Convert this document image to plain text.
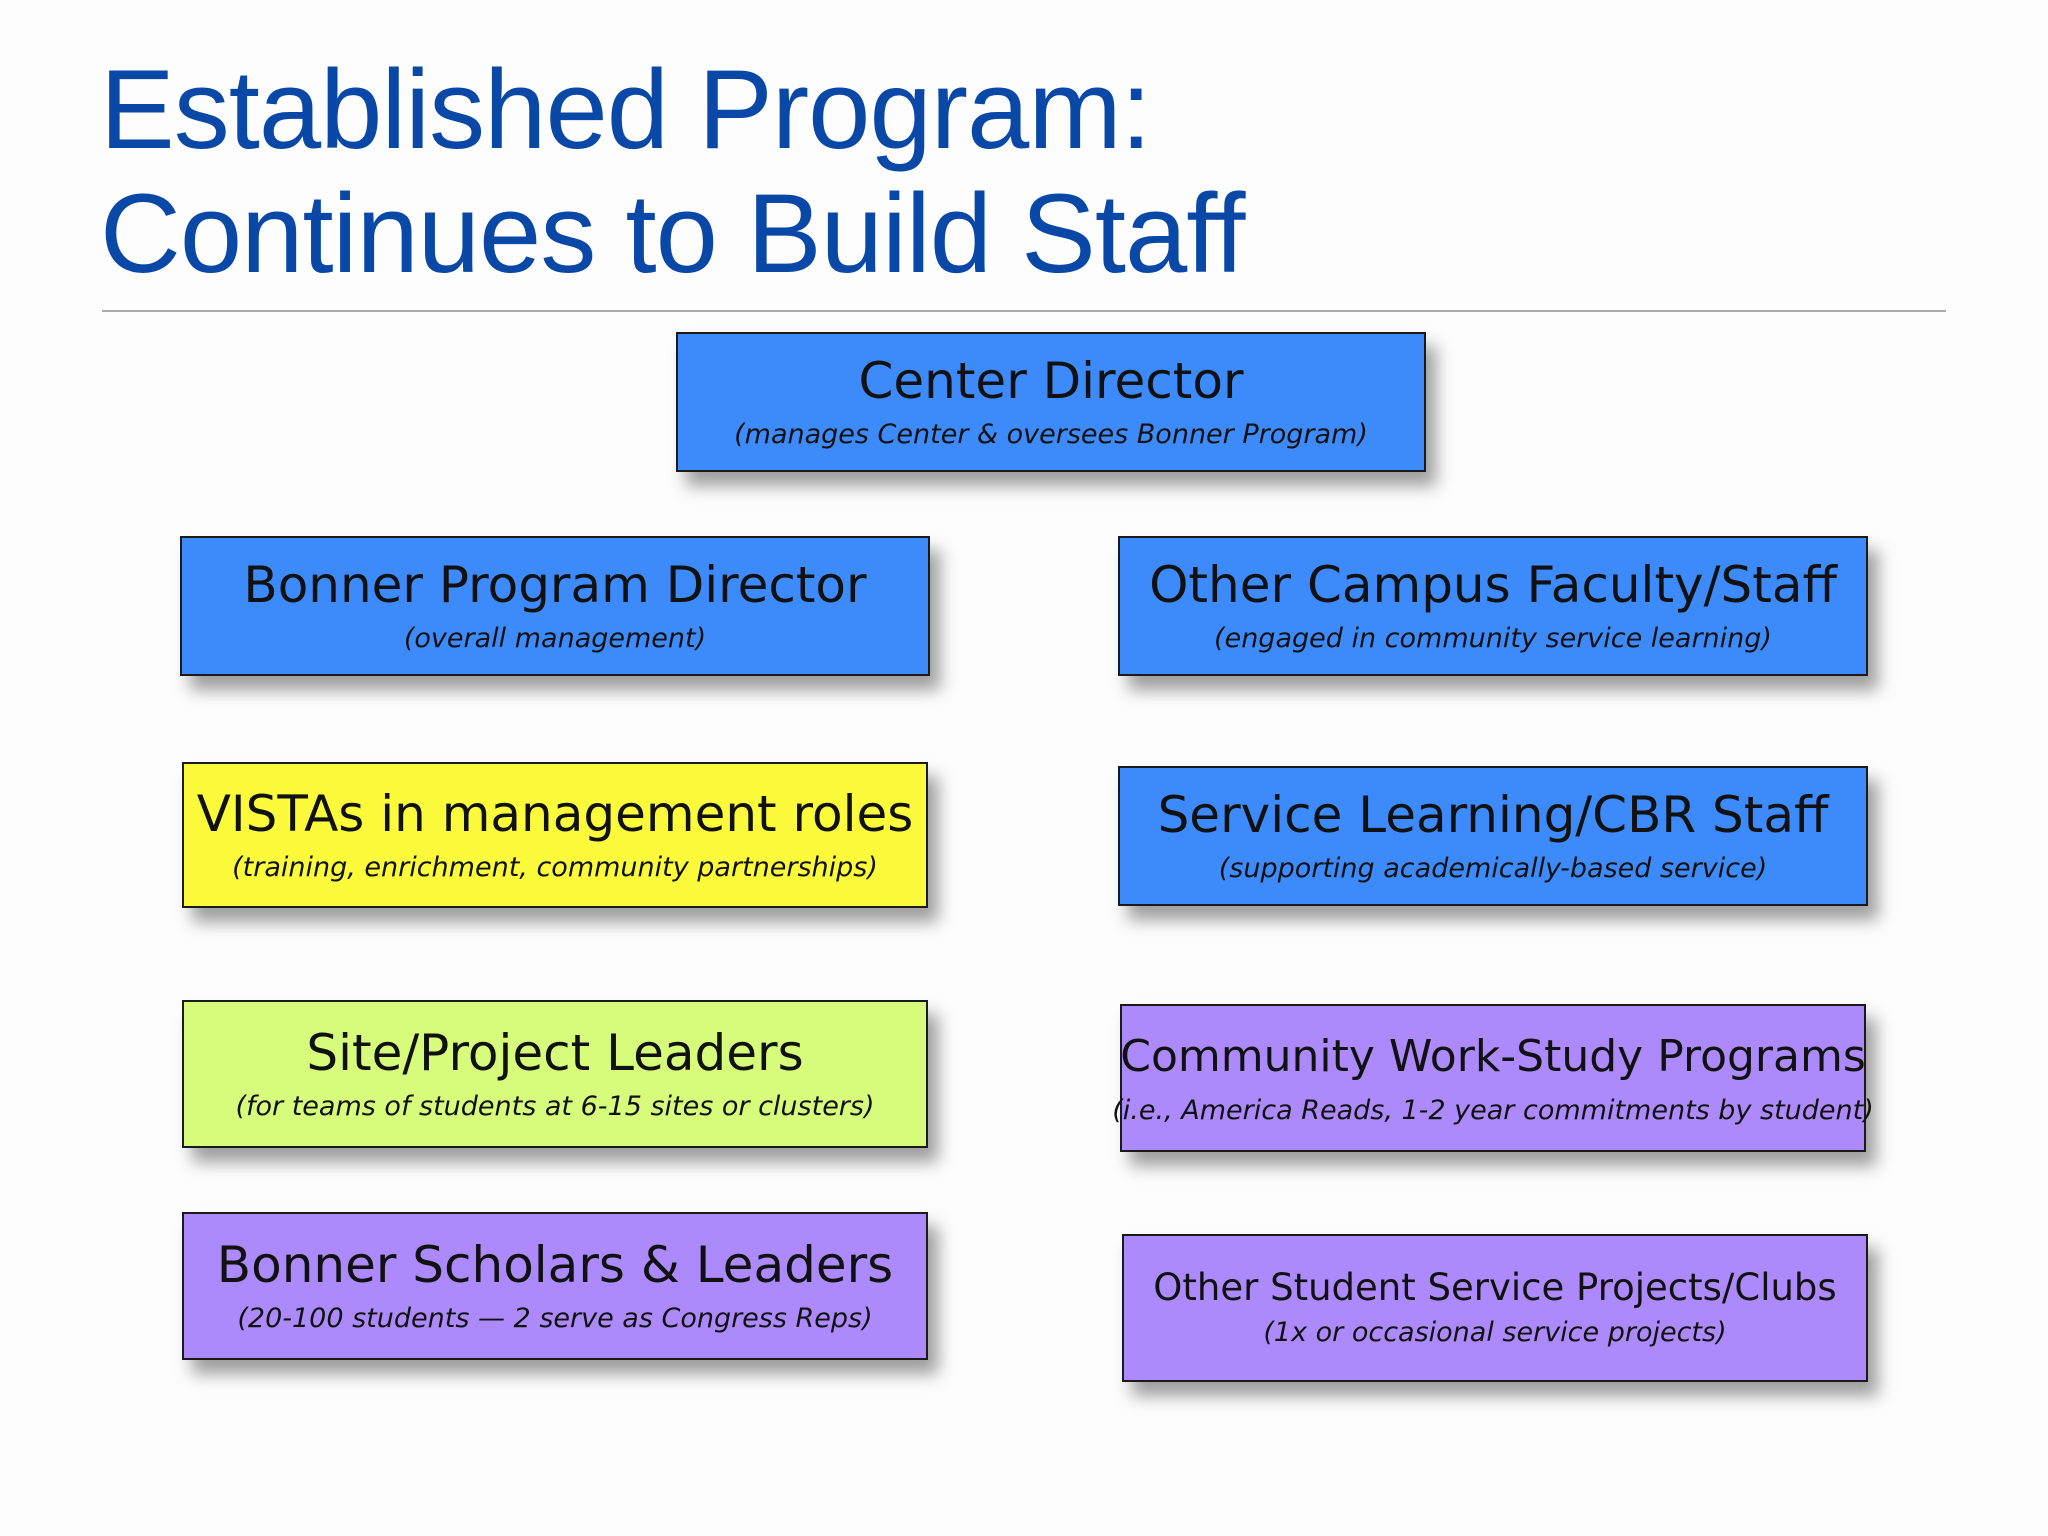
Established Program:
Continues to Build Staff
Center Director
(manages Center & oversees Bonner Program)
Bonner Program Director
(overall management)
Other Campus Faculty/Staff
(engaged in community service learning)
VISTAs in management roles
(training, enrichment, community partnerships)
Service Learning/CBR Staff
(supporting academically-based service)
Site/Project Leaders
(for teams of students at 6-15 sites or clusters)
Community Work-Study Programs
(i.e., America Reads, 1-2 year commitments by student)
Bonner Scholars & Leaders
(20-100 students — 2 serve as Congress Reps)
Other Student Service Projects/Clubs
(1x or occasional service projects)
